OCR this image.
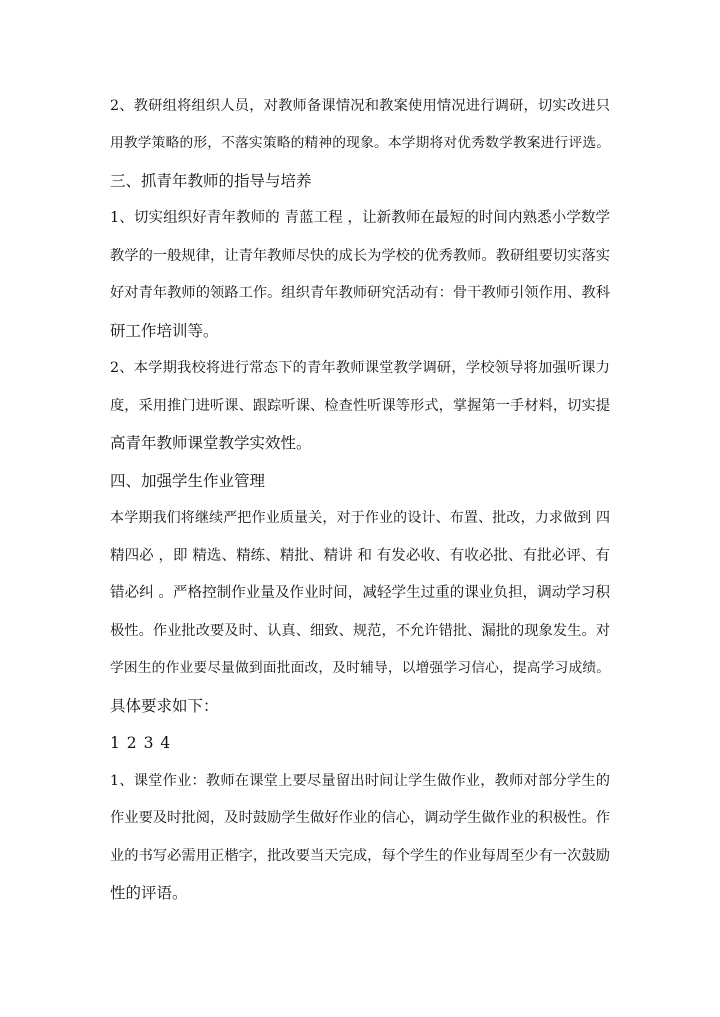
2、教研组将组织人员，对教师备课情况和教案使用情况进行调研，切实改进只

用教学策略的形，不落实策略的精神的现象。本学期将对优秀数学教案进行评选。

三、抓青年教师的指导与培养

1、切实组织好青年教师的 青蓝工程 ，让新教师在最短的时间内熟悉小学数学

教学的一般规律，让青年教师尽快的成长为学校的优秀教师。教研组要切实落实

好对青年教师的领路工作。组织青年教师研究活动有：骨干教师引领作用、教科

研工作培训等。

2、本学期我校将进行常态下的青年教师课堂教学调研，学校领导将加强听课力

度，采用推门进听课、跟踪听课、检查性听课等形式，掌握第一手材料，切实提

高青年教师课堂教学实效性。

四、加强学生作业管理

本学期我们将继续严把作业质量关，对于作业的设计、布置、批改，力求做到 四

精四必 ，即 精选、精练、精批、精讲 和 有发必收、有收必批、有批必评、有

错必纠 。严格控制作业量及作业时间，减轻学生过重的课业负担，调动学习积

极性。作业批改要及时、认真、细致、规范，不允许错批、漏批的现象发生。对

学困生的作业要尽量做到面批面改，及时辅导，以增强学习信心，提高学习成绩。

具体要求如下：

1 2 3 4

1、课堂作业：教师在课堂上要尽量留出时间让学生做作业，教师对部分学生的

作业要及时批阅，及时鼓励学生做好作业的信心，调动学生做作业的积极性。作

业的书写必需用正楷字，批改要当天完成，每个学生的作业每周至少有一次鼓励

性的评语。
